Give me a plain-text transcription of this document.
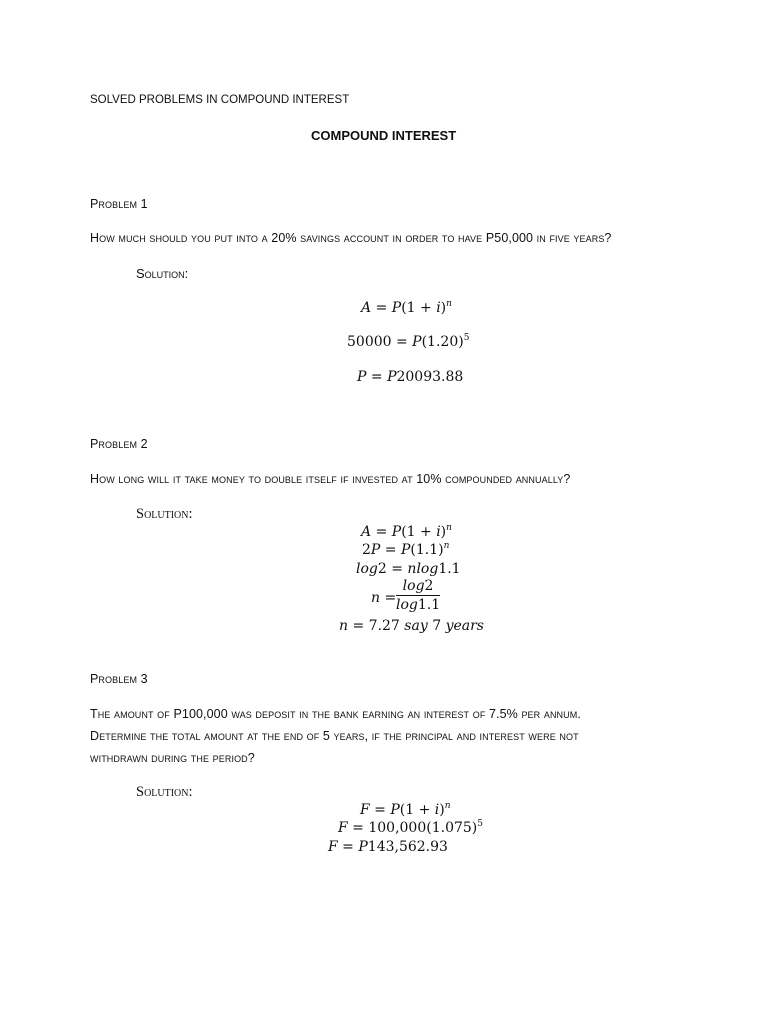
SOLVED PROBLEMS IN COMPOUND INTEREST
COMPOUND INTEREST
Problem 1
How much should you put into a 20% savings account in order to have P50,000 in five years?
Solution:
$A = P(1 + i)^n$
$50000 = P(1.20)^5$
P = P20093.88
Problem 2
How long will it take money to double itself if invested at 10% compounded annually?
Solution:
$A = P(1 + i)^n$
$2P = P(1.1)^n$
log2 = nlog1.1
$n = \frac{\log 2}{\log 1.1}$
n = 7.27 say 7 years
Problem 3
The amount of P100,000 was deposit in the bank earning an interest of 7.5% per annum.
Determine the total amount at the end of 5 years, if the principal and interest were not
withdrawn during the period?
Solution:
$F = P(1 + i)^n$
$F = 100,000(1.075)^5$
F = P143,562.93
